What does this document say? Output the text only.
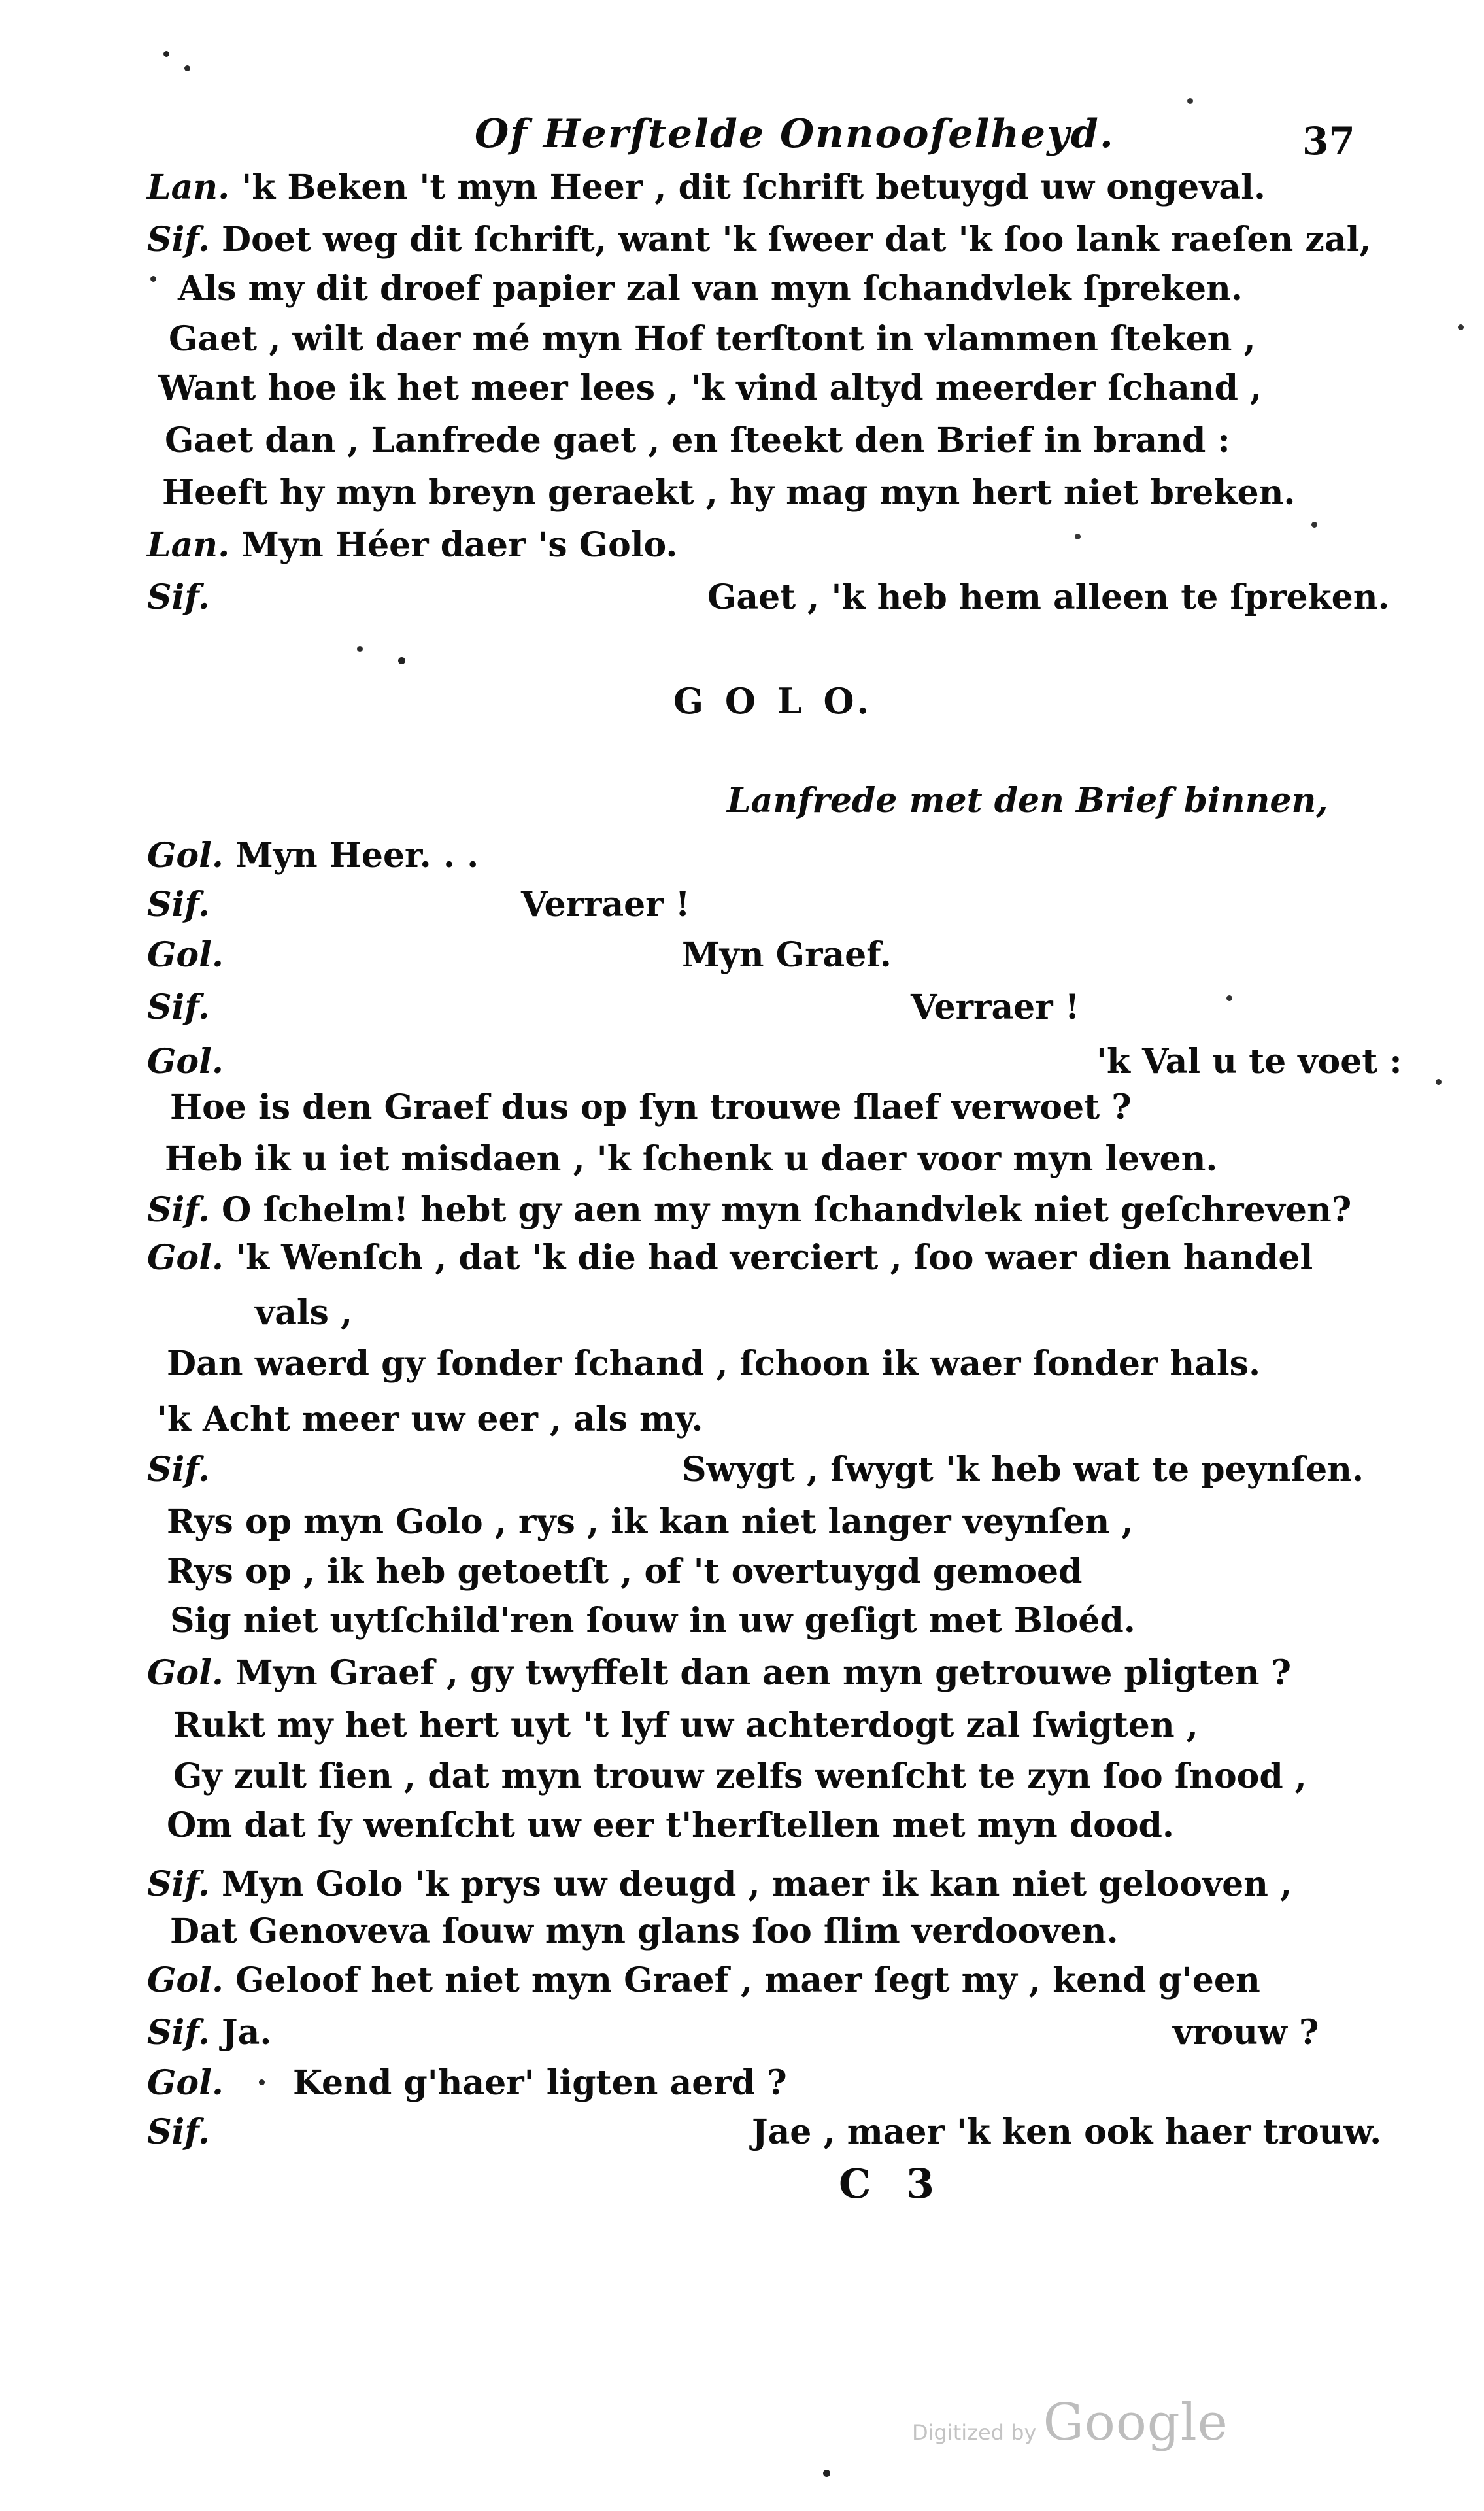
Of Herſtelde Onnooſelheyd.	37
Lan. 'k Beken 't myn Heer , dit ſchrift betuygd uw ongeval.
Sif. Doet weg dit ſchrift, want 'k ſweer dat 'k ſoo lank raeſen zal,
Als my dit droef papier zal van myn ſchandvlek ſpreken.
Gaet , wilt daer mé myn Hof terſtont in vlammen ſteken ,
Want hoe ik het meer lees , 'k vind altyd meerder ſchand ,
Gaet dan , Lanfrede gaet , en ſteekt den Brief in brand :
Heeft hy myn breyn geraekt , hy mag myn hert niet breken.
Lan. Myn Héer daer 's Golo.
Sif.	Gaet , 'k heb hem alleen te ſpreken.
Gol. Myn Heer. . .
Sif.	Verraer !
Gol.	Myn Graef.
Sif.	Verraer !
Gol.	'k Val u te voet :
Hoe is den Graef dus op ſyn trouwe ſlaef verwoet ?
Heb ik u iet misdaen , 'k ſchenk u daer voor myn leven.
Sif. O ſchelm! hebt gy aen my myn ſchandvlek niet geſchreven?
Gol. 'k Wenſch , dat 'k die had verciert , ſoo waer dien handel
vals ,
Dan waerd gy ſonder ſchand , ſchoon ik waer ſonder hals.
'k Acht meer uw eer , als my.
Sif.	Swygt , ſwygt 'k heb wat te peynſen.
Rys op myn Golo , rys , ik kan niet langer veynſen ,
Rys op , ik heb getoetſt , of 't overtuygd gemoed
Sig niet uytſchild'ren ſouw in uw geſigt met Bloéd.
Gol. Myn Graef , gy twyffelt dan aen myn getrouwe pligten ?
Rukt my het hert uyt 't lyf uw achterdogt zal ſwigten ,
Gy zult ſien , dat myn trouw zelfs wenſcht te zyn ſoo ſnood ,
Om dat ſy wenſcht uw eer t'herſtellen met myn dood.
Sif. Myn Golo 'k prys uw deugd , maer ik kan niet gelooven ,
Dat Genoveva ſouw myn glans ſoo ſlim verdooven.
Gol. Geloof het niet myn Graef , maer ſegt my , kend g'een
Sif. Ja.	vrouw ?
Gol. Kend g'haer' ligten aerd ?
Sif.	Jae , maer 'k ken ook haer trouw.
G O L O.
Lanfrede met den Brief binnen,
C 3
Digitized by Google
